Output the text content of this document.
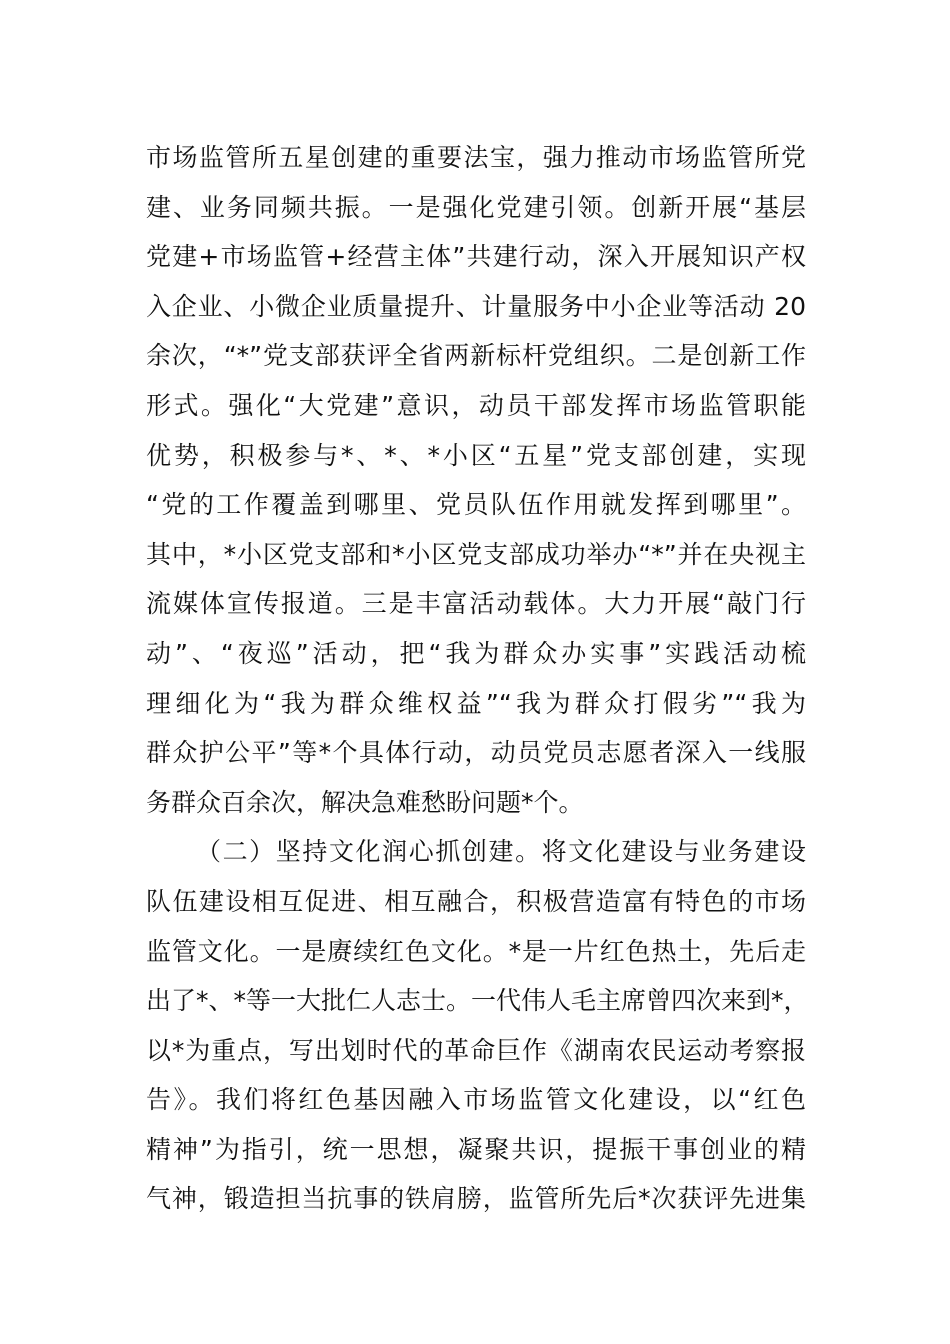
市场监管所五星创建的重要法宝，强力推动市场监管所党
建、业务同频共振。一是强化党建引领。创新开展“基层
党建+市场监管+经营主体”共建行动，深入开展知识产权
入企业、小微企业质量提升、计量服务中小企业等活动 20
余次，“*”党支部获评全省两新标杆党组织。二是创新工作
形式。强化“大党建”意识，动员干部发挥市场监管职能
优势，积极参与*、*、*小区“五星”党支部创建，实现
“党的工作覆盖到哪里、党员队伍作用就发挥到哪里”。
其中，*小区党支部和*小区党支部成功举办“*”并在央视主
流媒体宣传报道。三是丰富活动载体。大力开展“敲门行
动”、“夜巡”活动，把“我为群众办实事”实践活动梳
理细化为“我为群众维权益”“我为群众打假劣”“我为
群众护公平”等*个具体行动，动员党员志愿者深入一线服
务群众百余次，解决急难愁盼问题*个。
（二）坚持文化润心抓创建。将文化建设与业务建设
队伍建设相互促进、相互融合，积极营造富有特色的市场
监管文化。一是赓续红色文化。*是一片红色热土，先后走
出了*、*等一大批仁人志士。一代伟人毛主席曾四次来到*，
以*为重点，写出划时代的革命巨作《湖南农民运动考察报
告》。我们将红色基因融入市场监管文化建设，以“红色
精神”为指引，统一思想，凝聚共识，提振干事创业的精
气神，锻造担当抗事的铁肩膀，监管所先后*次获评先进集
